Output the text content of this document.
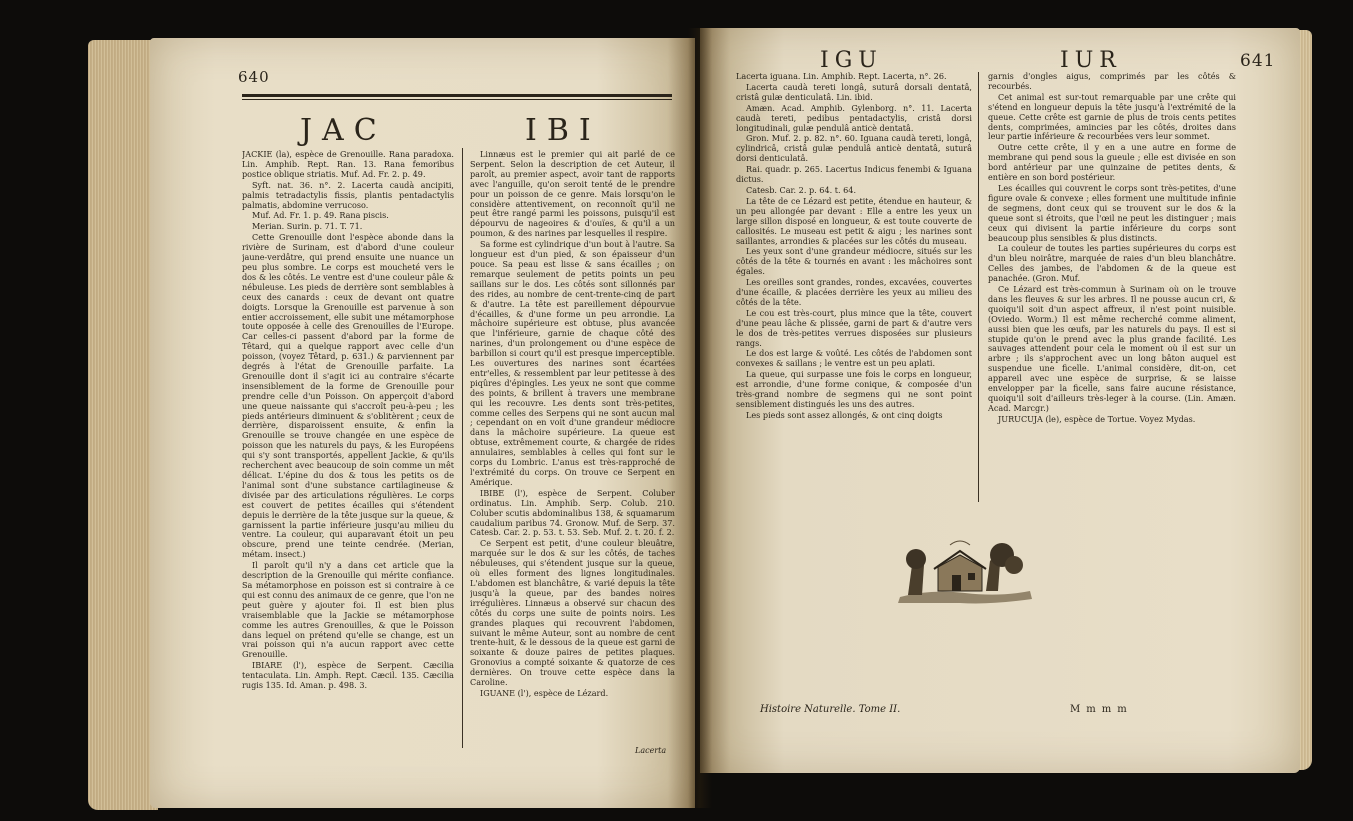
640
JAC	IBI

JACKIE (la), espèce de Grenouille. Rana paradoxa. Lin. Amphib. Rept. Ran. 13. Rana femoribus postice oblique striatis. Muf. Ad. Fr. 2. p. 49.

Syft. nat. 36. n°. 2. Lacerta caudà ancipiti, palmis tetradactylis fissis, plantis pentadactylis palmatis, abdomine verrucoso.

Muf. Ad. Fr. 1. p. 49. Rana piscis.

Merian. Surin. p. 71. T. 71.

Cette Grenouille dont l'espèce abonde dans la rivière de Surinam, est d'abord d'une couleur jaune-verdâtre, qui prend ensuite une nuance un peu plus sombre. Le corps est moucheté vers le dos & les côtés. Le ventre est d'une couleur pâle & nébuleuse. Les pieds de derrière sont semblables à ceux des canards : ceux de devant ont quatre doigts. Lorsque la Grenouille est parvenue à son entier accroissement, elle subit une métamorphose toute opposée à celle des Grenouilles de l'Europe. Car celles-ci passent d'abord par la forme de Têtard, qui a quelque rapport avec celle d'un poisson, (voyez Têtard, p. 631.) & parviennent par degrés à l'état de Grenouille parfaite. La Grenouille dont il s'agit ici au contraire s'écarte insensiblement de la forme de Grenouille pour prendre celle d'un Poisson. On apperçoit d'abord une queue naissante qui s'accroît peu-à-peu ; les pieds antérieurs diminuent & s'oblitèrent ; ceux de derrière, disparoissent ensuite, & enfin la Grenouille se trouve changée en une espèce de poisson que les naturels du pays, & les Européens qui s'y sont transportés, appellent Jackie, & qu'ils recherchent avec beaucoup de soin comme un mêt délicat. L'épine du dos & tous les petits os de l'animal sont d'une substance cartilagineuse & divisée par des articulations régulières. Le corps est couvert de petites écailles qui s'étendent depuis le derrière de la tête jusque sur la queue, & garnissent la partie inférieure jusqu'au milieu du ventre. La couleur, qui auparavant étoit un peu obscure, prend une teinte cendrée. (Merian, métam. insect.)

Il paroît qu'il n'y a dans cet article que la description de la Grenouille qui mérite confiance. Sa métamorphose en poisson est si contraire à ce qui est connu des animaux de ce genre, que l'on ne peut guère y ajouter foi. Il est bien plus vraisemblable que la Jackie se métamorphose comme les autres Grenouilles, & que le Poisson dans lequel on prétend qu'elle se change, est un vrai poisson qui n'a aucun rapport avec cette Grenouille.

IBIARE (l'), espèce de Serpent. Cæcilia tentaculata. Lin. Amph. Rept. Cæcil. 135. Cæcilia rugis 135. Id. Aman. p. 498. 3.

Linnæus est le premier qui ait parlé de ce Serpent. Selon la description de cet Auteur, il paroît, au premier aspect, avoir tant de rapports avec l'anguille, qu'on seroit tenté de le prendre pour un poisson de ce genre. Mais lorsqu'on le considère attentivement, on reconnoît qu'il ne peut être rangé parmi les poissons, puisqu'il est dépourvu de nageoires & d'ouïes, & qu'il a un poumon, & des narines par lesquelles il respire.

Sa forme est cylindrique d'un bout à l'autre. Sa longueur est d'un pied, & son épaisseur d'un pouce. Sa peau est lisse & sans écailles ; on remarque seulement de petits points un peu saillans sur le dos. Les côtés sont sillonnés par des rides, au nombre de cent-trente-cinq de part & d'autre. La tête est pareillement dépourvue d'écailles, & d'une forme un peu arrondie. La mâchoire supérieure est obtuse, plus avancée que l'inférieure, garnie de chaque côté des narines, d'un prolongement ou d'une espèce de barbillon si court qu'il est presque imperceptible. Les ouvertures des narines sont écartées entr'elles, & ressemblent par leur petitesse à des piqûres d'épingles. Les yeux ne sont que comme des points, & brillent à travers une membrane qui les recouvre. Les dents sont très-petites, comme celles des Serpens qui ne sont aucun mal ; cependant on en voit d'une grandeur médiocre dans la mâchoire supérieure. La queue est obtuse, extrêmement courte, & chargée de rides annulaires, semblables à celles qui font sur le corps du Lombric. L'anus est très-rapproché de l'extrémité du corps. On trouve ce Serpent en Amérique.

IBIBE (l'), espèce de Serpent. Coluber ordinatus. Lin. Amphib. Serp. Colub. 210. Coluber scutis abdominalibus 138, & squamarum caudalium paribus 74. Gronow. Muf. de Serp. 37. Catesb. Car. 2. p. 53. t. 53. Seb. Muf. 2. t. 20. f. 2.

Ce Serpent est petit, d'une couleur bleuâtre, marquée sur le dos & sur les côtés, de taches nébuleuses, qui s'étendent jusque sur la queue, où elles forment des lignes longitudinales. L'abdomen est blanchâtre, & varié depuis la tête jusqu'à la queue, par des bandes noires irrégulières. Linnæus a observé sur chacun des côtés du corps une suite de points noirs. Les grandes plaques qui recouvrent l'abdomen, suivant le même Auteur, sont au nombre de cent trente-huit, & le dessous de la queue est garni de soixante & douze paires de petites plaques. Gronovius a compté soixante & quatorze de ces dernières. On trouve cette espèce dans la Caroline.

IGUANE (l'), espèce de Lézard.

Lacerta
IGU	IUR	641

Lacerta iguana. Lin. Amphib. Rept. Lacerta, n°. 26.

Lacerta caudà tereti longâ, suturâ dorsali dentatâ, cristâ gulæ denticulatâ. Lin. ibid.

Amæn. Acad. Amphib. Gylenborg. n°. 11. Lacerta caudà tereti, pedibus pentadactylis, cristâ dorsi longitudinali, gulæ pendulâ anticè dentatâ.

Gron. Muf. 2. p. 82. n°. 60. Iguana caudà tereti, longâ, cylindricâ, cristâ gulæ pendulâ anticè dentatâ, suturâ dorsi denticulatâ.

Rai. quadr. p. 265. Lacertus Indicus fenembi & Iguana dictus.

Catesb. Car. 2. p. 64. t. 64.

La tête de ce Lézard est petite, étendue en hauteur, & un peu allongée par devant : Elle a entre les yeux un large sillon disposé en longueur, & est toute couverte de callosités. Le museau est petit & aigu ; les narines sont saillantes, arrondies & placées sur les côtés du museau.

Les yeux sont d'une grandeur médiocre, situés sur les côtés de la tête & tournés en avant : les mâchoires sont égales.

Les oreilles sont grandes, rondes, excavées, couvertes d'une écaille, & placées derrière les yeux au milieu des côtés de la tête.

Le cou est très-court, plus mince que la tête, couvert d'une peau lâche & plissée, garni de part & d'autre vers le dos de très-petites verrues disposées sur plusieurs rangs.

Le dos est large & voûté. Les côtés de l'abdomen sont convexes & saillans ; le ventre est un peu aplati.

La queue, qui surpasse une fois le corps en longueur, est arrondie, d'une forme conique, & composée d'un très-grand nombre de segmens qui ne sont point sensiblement distingués les uns des autres.

Les pieds sont assez allongés, & ont cinq doigts

garnis d'ongles aigus, comprimés par les côtés & recourbés.

Cet animal est sur-tout remarquable par une crête qui s'étend en longueur depuis la tête jusqu'à l'extrémité de la queue. Cette crête est garnie de plus de trois cents petites dents, comprimées, amincies par les côtés, droites dans leur partie inférieure & recourbées vers leur sommet.

Outre cette crête, il y en a une autre en forme de membrane qui pend sous la gueule ; elle est divisée en son bord antérieur par une quinzaine de petites dents, & entière en son bord postérieur.

Les écailles qui couvrent le corps sont très-petites, d'une figure ovale & convexe ; elles forment une multitude infinie de segmens, dont ceux qui se trouvent sur le dos & la queue sont si étroits, que l'œil ne peut les distinguer ; mais ceux qui divisent la partie inférieure du corps sont beaucoup plus sensibles & plus distincts.

La couleur de toutes les parties supérieures du corps est d'un bleu noirâtre, marquée de raies d'un bleu blanchâtre. Celles des jambes, de l'abdomen & de la queue est panachée. (Gron. Muf.

Ce Lézard est très-commun à Surinam où on le trouve dans les fleuves & sur les arbres. Il ne pousse aucun cri, & quoiqu'il soit d'un aspect affreux, il n'est point nuisible. (Oviedo. Worm.) Il est même recherché comme aliment, aussi bien que les œufs, par les naturels du pays. Il est si stupide qu'on le prend avec la plus grande facilité. Les sauvages attendent pour cela le moment où il est sur un arbre ; ils s'approchent avec un long bâton auquel est suspendue une ficelle. L'animal considère, dit-on, cet appareil avec une espèce de surprise, & se laisse envelopper par la ficelle, sans faire aucune résistance, quoiqu'il soit d'ailleurs très-leger à la course. (Lin. Amæn. Acad. Marcgr.)

JURUCUJA (le), espèce de Tortue. Voyez Mydas.

Histoire Naturelle. Tome II.	Mmmm
